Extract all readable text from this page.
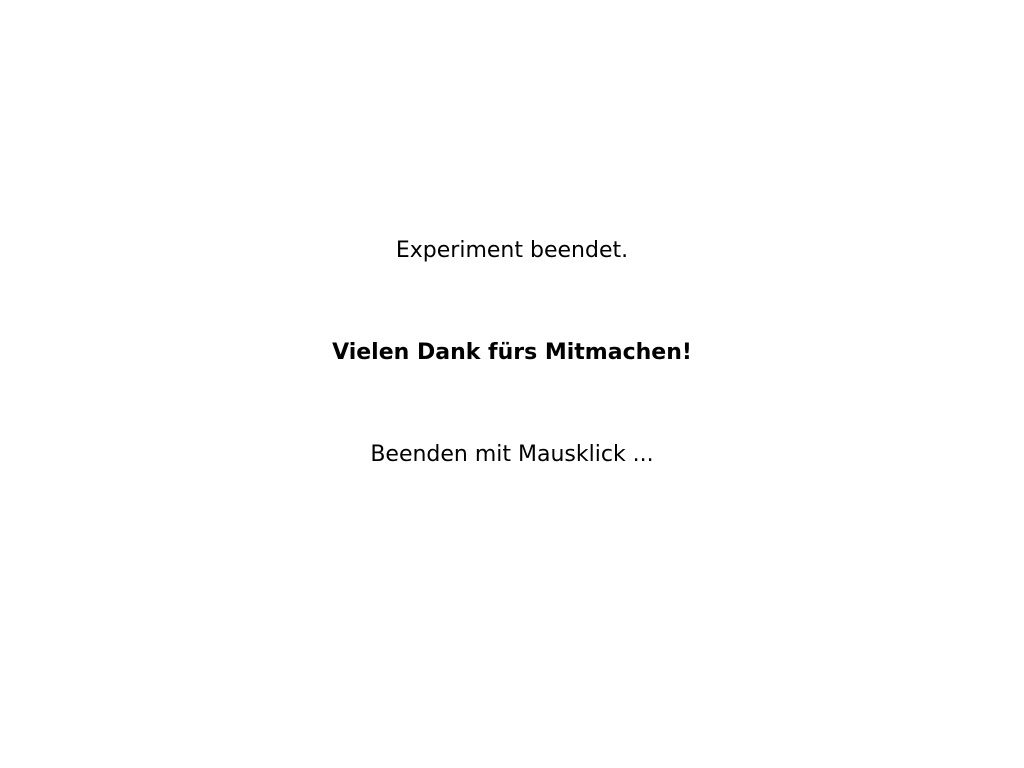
Experiment beendet.
Vielen Dank fürs Mitmachen!
Beenden mit Mausklick ...
